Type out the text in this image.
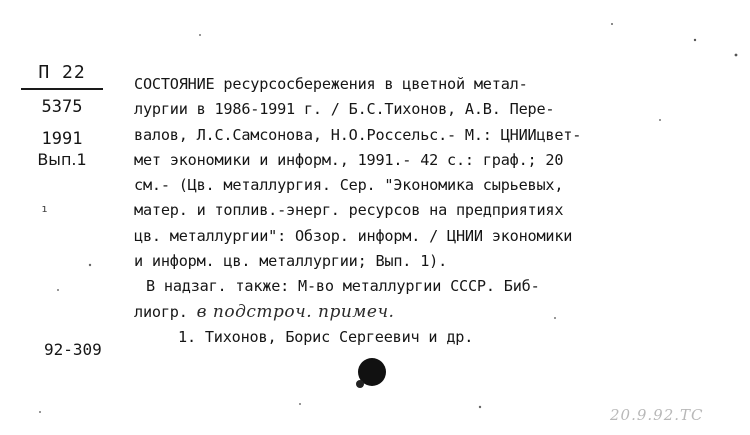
П 22
5375
1991
Вып.1
¹

СОСТОЯНИЕ ресурсосбережения в цветной метал-

лургии в 1986-1991 г. / Б.С.Тихонов, А.В. Пере-

валов, Л.С.Самсонова, Н.О.Россельс.- М.: ЦНИИцвет-

мет экономики и информ., 1991.- 42 с.: граф.; 20

см.- (Цв. металлургия. Сер. "Экономика сырьевых,

матер. и топлив.-энерг. ресурсов на предприятиях

цв. металлургии": Обзор. информ. / ЦНИИ экономики

и информ. цв. металлургии; Вып. 1).

В надзаг. также: М-во металлургии СССР. Биб-

лиогр. в подстроч. примеч.

1. Тихонов, Борис Сергеевич и др.

92-309
20.9.92.ТС
